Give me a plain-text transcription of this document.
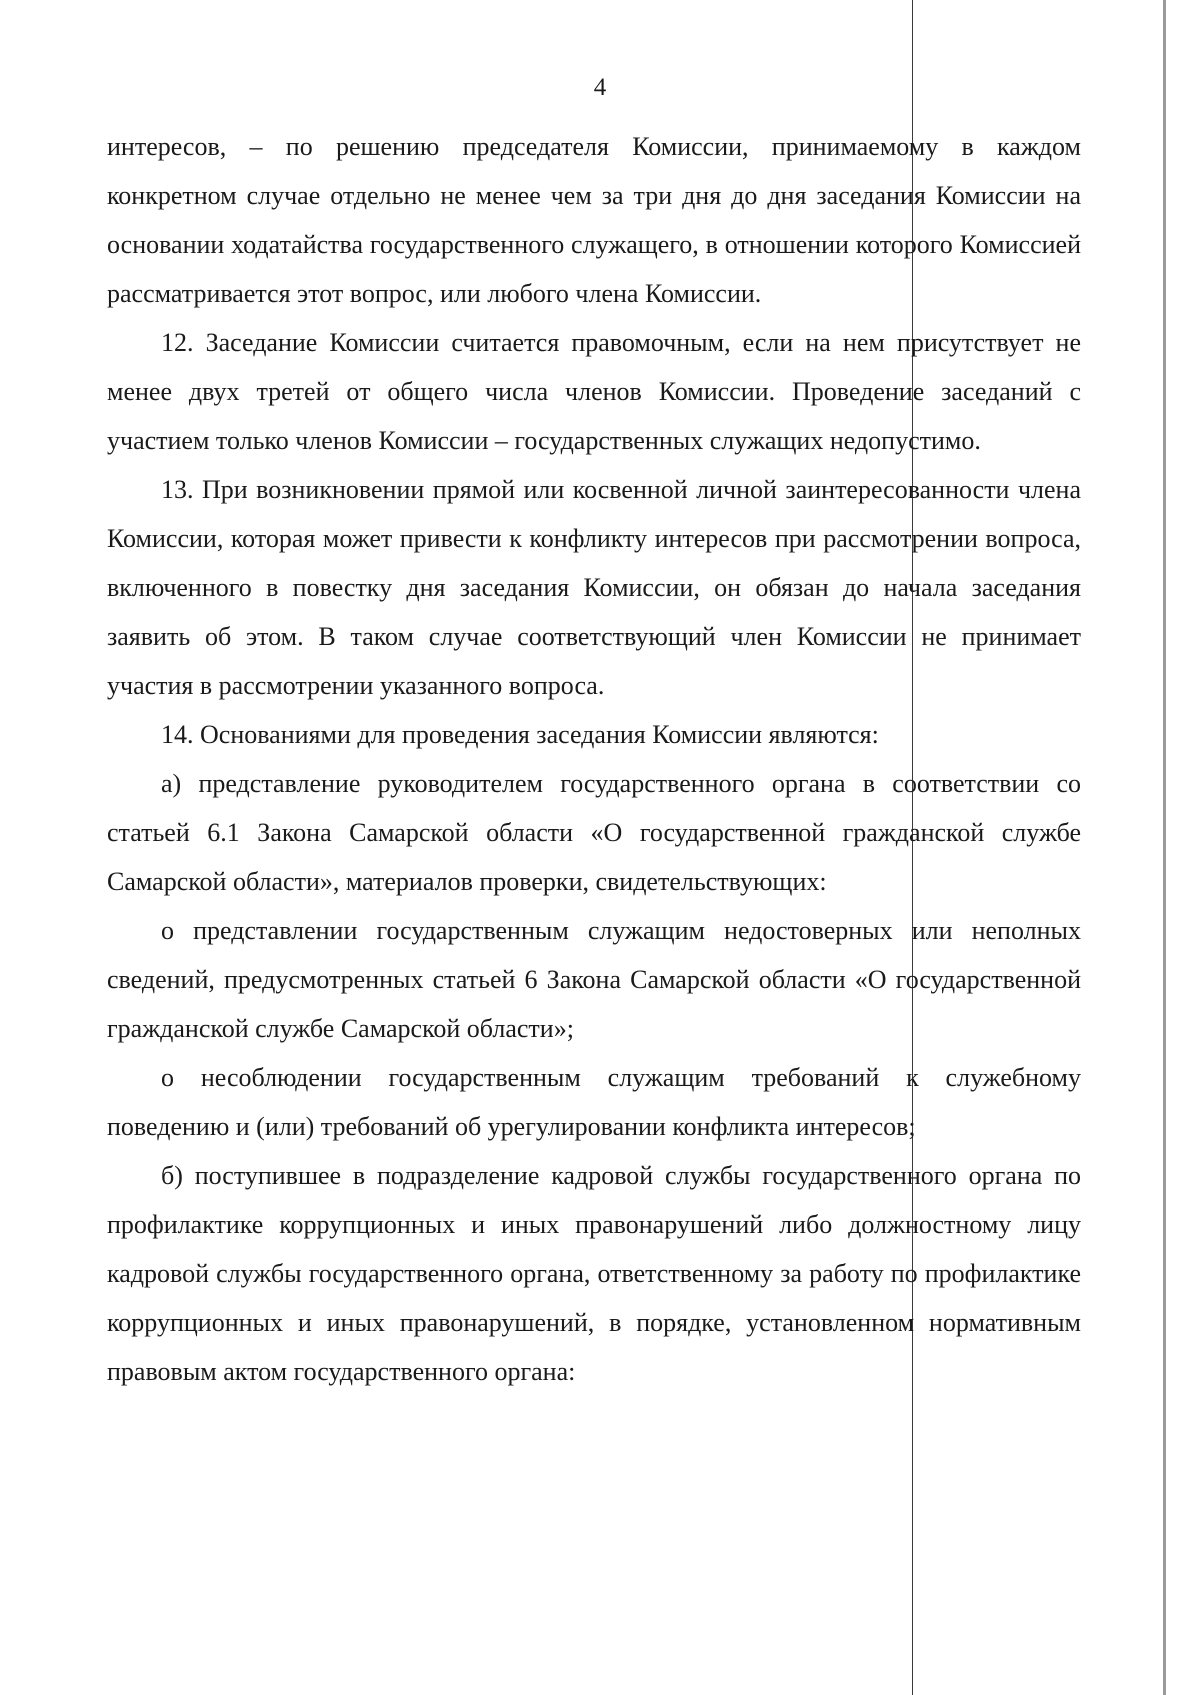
4

интересов, – по решению председателя Комиссии, принимаемому в каждом конкретном случае отдельно не менее чем за три дня до дня заседания Комиссии на основании ходатайства государственного служащего, в отношении которого Комиссией рассматривается этот вопрос, или любого члена Комиссии.

12. Заседание Комиссии считается правомочным, если на нем присутствует не менее двух третей от общего числа членов Комиссии. Проведение заседаний с участием только членов Комиссии – государственных служащих недопустимо.

13. При возникновении прямой или косвенной личной заинтересованности члена Комиссии, которая может привести к конфликту интересов при рассмотрении вопроса, включенного в повестку дня заседания Комиссии, он обязан до начала заседания заявить об этом. В таком случае соответствующий член Комиссии не принимает участия в рассмотрении указанного вопроса.

14. Основаниями для проведения заседания Комиссии являются:

а) представление руководителем государственного органа в соответствии со статьей 6.1 Закона Самарской области «О государственной гражданской службе Самарской области», материалов проверки, свидетельствующих:

о представлении государственным служащим недостоверных или неполных сведений, предусмотренных статьей 6 Закона Самарской области «О государственной гражданской службе Самарской области»;

о несоблюдении государственным служащим требований к служебному поведению и (или) требований об урегулировании конфликта интересов;

б) поступившее в подразделение кадровой службы государственного органа по профилактике коррупционных и иных правонарушений либо должностному лицу кадровой службы государственного органа, ответственному за работу по профилактике коррупционных и иных правонарушений, в порядке, установленном нормативным правовым актом государственного органа:
